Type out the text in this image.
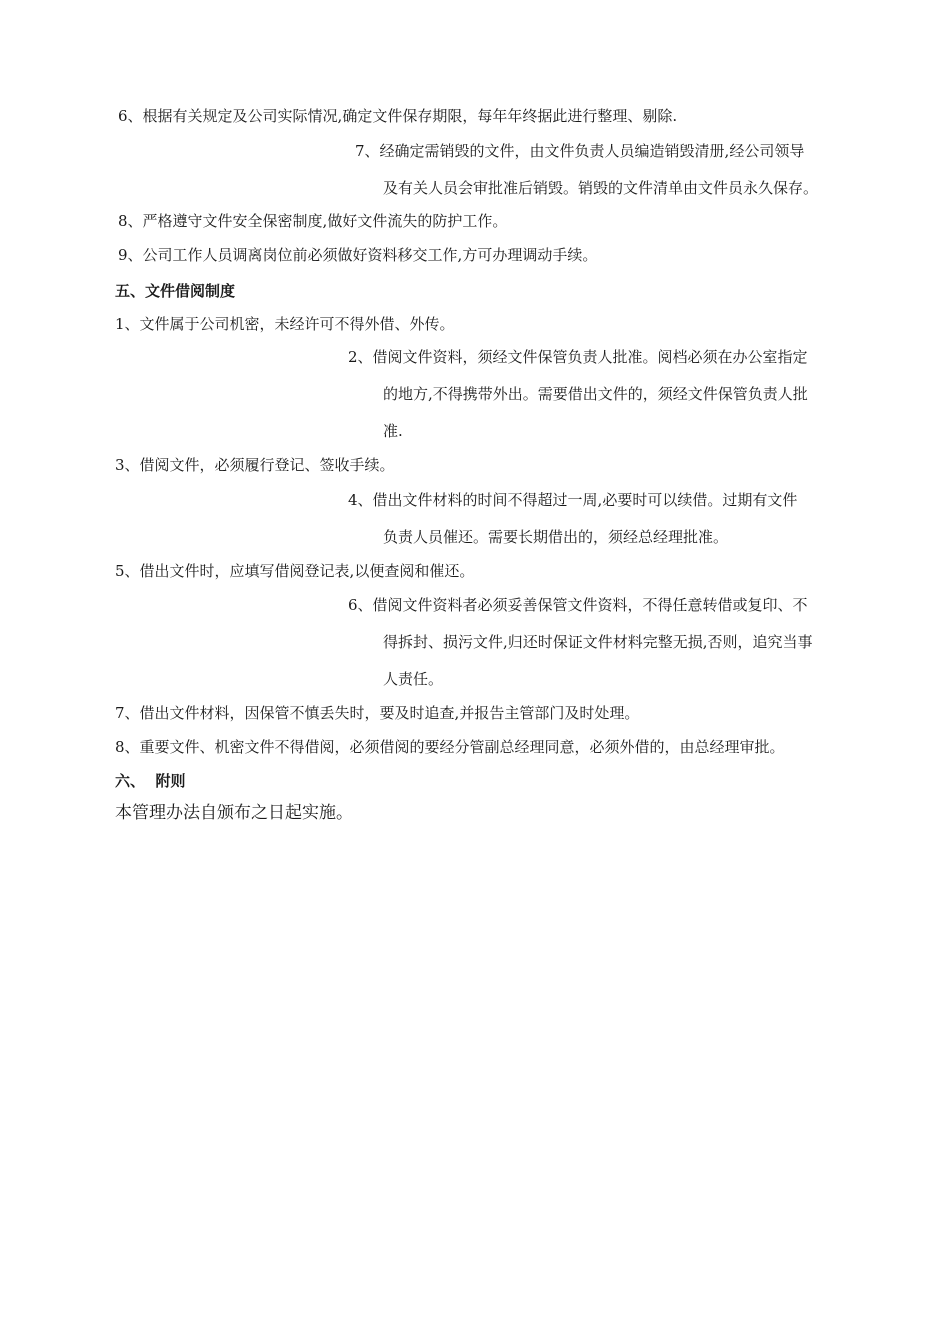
6、根据有关规定及公司实际情况,确定文件保存期限，每年年终据此进行整理、剔除.
7、经确定需销毁的文件，由文件负责人员编造销毁清册,经公司领导
及有关人员会审批准后销毁。销毁的文件清单由文件员永久保存。
8、严格遵守文件安全保密制度,做好文件流失的防护工作。
9、公司工作人员调离岗位前必须做好资料移交工作,方可办理调动手续。
五、文件借阅制度
1、文件属于公司机密，未经许可不得外借、外传。
2、借阅文件资料，须经文件保管负责人批准。阅档必须在办公室指定
的地方,不得携带外出。需要借出文件的，须经文件保管负责人批
准.
3、借阅文件，必须履行登记、签收手续。
4、借出文件材料的时间不得超过一周,必要时可以续借。过期有文件
负责人员催还。需要长期借出的，须经总经理批准。
5、借出文件时，应填写借阅登记表,以便查阅和催还。
6、借阅文件资料者必须妥善保管文件资料，不得任意转借或复印、不
得拆封、损污文件,归还时保证文件材料完整无损,否则，追究当事
人责任。
7、借出文件材料，因保管不慎丢失时，要及时追查,并报告主管部门及时处理。
8、重要文件、机密文件不得借阅，必须借阅的要经分管副总经理同意，必须外借的，由总经理审批。
六、  附则
本管理办法自颁布之日起实施。
